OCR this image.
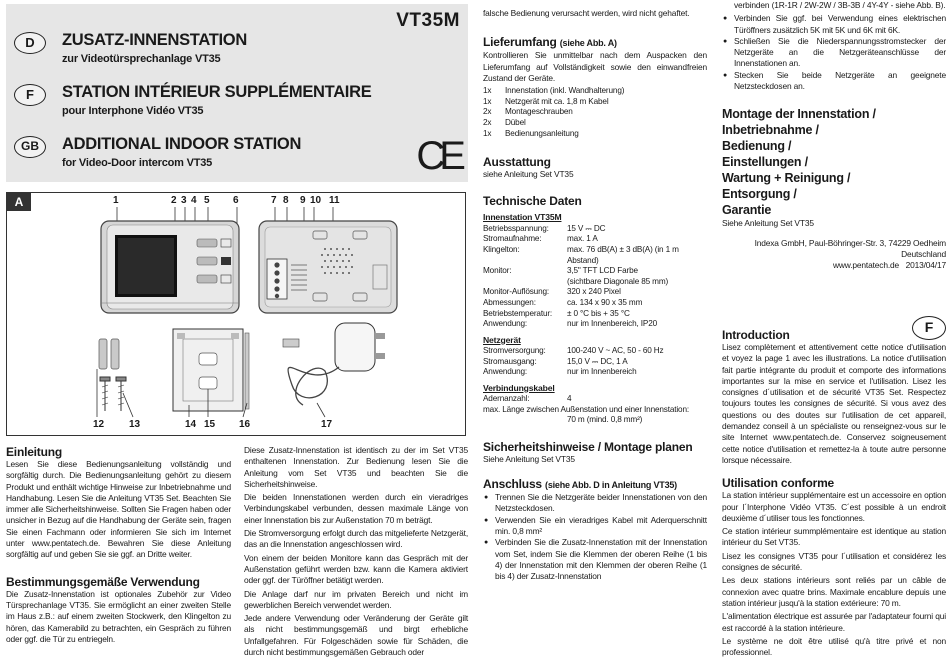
VT35M
D	ZUSATZ-INNENSTATION
zur Videotürsprechanlage VT35
F	STATION INTÉRIEUR SUPPLÉMENTAIRE
pour Interphone Vidéo VT35
GB	ADDITIONAL INDOOR STATION
for Video-Door intercom VT35	CE
A	1	2 3 4 5 6	7 8 9 10 11
12 13	14 15 16	17
Einleitung

Lesen Sie diese Bedienungsanleitung vollständig und sorgfältig durch. Die Bedienungsanleitung gehört zu diesem Produkt und enthält wichtige Hinweise zur Inbetriebnahme und Handhabung. Lesen Sie die Anleitung VT35 Set. Beachten Sie immer alle Sicherheitshinweise. Sollten Sie Fragen haben oder unsicher in Bezug auf die Handhabung der Geräte sein, fragen Sie einen Fachmann oder informieren Sie sich im Internet unter www.pentatech.de. Bewahren Sie diese Anleitung sorgfältig auf und geben Sie sie ggf. an Dritte weiter.

Bestimmungsgemäße Verwendung

Die Zusatz-Innenstation ist optionales Zubehör zur Video Türsprechanlage VT35. Sie ermöglicht an einer zweiten Stelle im Haus z.B.: auf einem zweiten Stockwerk, den Klingelton zu hören, das Kamerabild zu betrachten, ein Gespräch zu führen oder ggf. die Tür zu entriegeln.

Diese Zusatz-Innenstation ist identisch zu der im Set VT35 enthaltenen Innenstation. Zur Bedienung lesen Sie die Anleitung vom Set VT35 und beachten Sie die Sicherheitshinweise.

Die beiden Innenstationen werden durch ein vieradriges Verbindungskabel verbunden, dessen maximale Länge von einer Innenstation bis zur Außenstation 70 m beträgt.

Die Stromversorgung erfolgt durch das mitgelieferte Netzgerät, das an die Innenstation angeschlossen wird.

Von einem der beiden Monitore kann das Gespräch mit der Außenstation geführt werden bzw. kann die Kamera aktiviert oder ggf. der Türöffner betätigt werden.

Die Anlage darf nur im privaten Bereich und nicht im gewerblichen Bereich verwendet werden.

Jede andere Verwendung oder Veränderung der Geräte gilt als nicht bestimmungsgemäß und birgt erhebliche Unfallgefahren. Für Folgeschäden sowie für Schäden, die durch nicht bestimmungsgemäßen Gebrauch oder

falsche Bedienung verursacht werden, wird nicht gehaftet.

Lieferumfang (siehe Abb. A)

Kontrollieren Sie unmittelbar nach dem Auspacken den Lieferumfang auf Vollständigkeit sowie den einwandfreien Zustand der Geräte.

1x	Innenstation (inkl. Wandhalterung)
1x	Netzgerät mit ca. 1,8 m Kabel
2x	Montageschrauben
2x	Dübel
1x	Bedienungsanleitung
Ausstattung

siehe Anleitung Set VT35

Technische Daten
Innenstation VT35M
Betriebsspannung:	15 V ⎓ DC
Stromaufnahme:	max. 1 A
Klingelton:	max. 76 dB(A) ± 3 dB(A) (in 1 m Abstand)
Monitor:	3,5" TFT LCD Farbe
	(sichtbare Diagonale 85 mm)
Monitor-Auflösung:	320 x 240 Pixel
Abmessungen:	ca. 134 x 90 x 35 mm
Betriebstemperatur:	± 0 °C bis + 35 °C
Anwendung:	nur im Innenbereich, IP20
Netzgerät
Stromversorgung:	100-240 V ~ AC, 50 - 60 Hz
Stromausgang:	15,0 V ⎓ DC, 1 A
Anwendung:	nur im Innenbereich
Verbindungskabel
Adernanzahl:	4
max. Länge zwischen Außenstation und einer Innenstation:
70 m (mind. 0,8 mm²)
Sicherheitshinweise / Montage planen

Siehe Anleitung Set VT35

Anschluss (siehe Abb. D in Anleitung VT35)
● Trennen Sie die Netzgeräte beider Innenstationen von den Netzsteckdosen.
● Verwenden Sie ein vieradriges Kabel mit Aderquerschnitt min. 0,8 mm²
● Verbinden Sie die Zusatz-Innenstation mit der Innenstation vom Set, indem Sie die Klemmen der oberen Reihe (1 bis 4) der Innenstation mit den Klemmen der oberen Reihe (1 bis 4) der Zusatz-Innenstation

verbinden (1R-1R / 2W-2W / 3B-3B / 4Y-4Y - siehe Abb. B).

● Verbinden Sie ggf. bei Verwendung eines elektrischen Türöffners zusätzlich 5K mit 5K und 6K mit 6K.
● Schließen Sie die Niederspannungsstromstecker der Netzgeräte an die Netzgeräteanschlüsse der Innenstationen an.
● Stecken Sie beide Netzgeräte an geeignete Netzsteckdosen an.
Montage der Innenstation /
Inbetriebnahme /
Bedienung /
Einstellungen /
Wartung + Reinigung /
Entsorgung /
Garantie

Siehe Anleitung Set VT35

Indexa GmbH, Paul-Böhringer-Str. 3, 74229 Oedheim
Deutschland
www.pentatech.de 2013/04/17
F
Introduction

Lisez complètement et attentivement cette notice d'utilisation et voyez la page 1 avec les illustrations. La notice d'utilisation fait partie intégrante du produit et comporte des informations importantes sur la mise en service et l'utilisation. Lisez les consignes d´utilisation et de sécurité VT35 Set. Respectez toujours toutes les consignes de sécurité. Si vous avez des questions ou des doutes sur l'utilisation de cet appareil, demandez conseil à un spécialiste ou renseignez-vous sur le site Internet www.pentatech.de. Conservez soigneusement cette notice d'utilisation et remettez-la à toute autre personne lorsque nécessaire.

Utilisation conforme

La station intérieur supplémentaire est un accessoire en option pour l´Interphone Vidéo VT35. C´est possible à un endroit deuxième d´utiliser tous les fonctionnes.

Ce station intérieur summplémentaire est identique au station intérieur du Set VT35.

Lisez les consignes VT35 pour l´utilisation et considérez les consignes de sécurité.

Les deux stations intérieurs sont reliés par un câble de connexion avec quatre brins. Maximale encablure depuis une station intérieur jusqu'à la station extérieure: 70 m.

L'alimentation électrique est assurée par l'adaptateur fourni qui est raccordé à la station intérieure.

Le système ne doit être utilisé qu'à titre privé et non professionnel.
